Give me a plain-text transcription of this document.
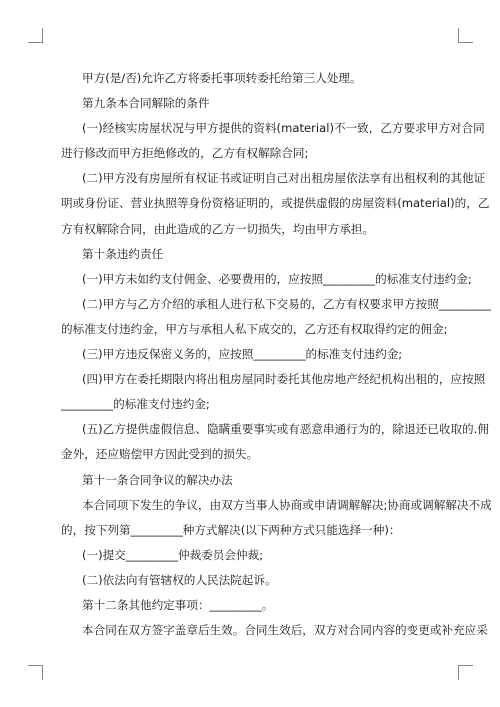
甲方(是/否)允许乙方将委托事项转委托给第三人处理。
第九条本合同解除的条件
(一)经核实房屋状况与甲方提供的资料(material)不一致，乙方要求甲方对合同
进行修改而甲方拒绝修改的，乙方有权解除合同;
(二)甲方没有房屋所有权证书或证明自己对出租房屋依法享有出租权利的其他证
明或身份证、营业执照等身份资格证明的，或提供虚假的房屋资料(material)的，乙
方有权解除合同，由此造成的乙方一切损失，均由甲方承担。
第十条违约责任
(一)甲方未如约支付佣金、必要费用的，应按照_________的标准支付违约金;
(二)甲方与乙方介绍的承租人进行私下交易的，乙方有权要求甲方按照_________
的标准支付违约金，甲方与承租人私下成交的，乙方还有权取得约定的佣金;
(三)甲方违反保密义务的，应按照_________的标准支付违约金;
(四)甲方在委托期限内将出租房屋同时委托其他房地产经纪机构出租的，应按照
_________的标准支付违约金;
(五)乙方提供虚假信息、隐瞒重要事实或有恶意串通行为的，除退还已收取的.佣
金外，还应赔偿甲方因此受到的损失。
第十一条合同争议的解决办法
本合同项下发生的争议，由双方当事人协商或申请调解解决;协商或调解解决不成
的，按下列第_________种方式解决(以下两种方式只能选择一种)：
(一)提交_________仲裁委员会仲裁;
(二)依法向有管辖权的人民法院起诉。
第十二条其他约定事项：_________。
本合同在双方签字盖章后生效。合同生效后，双方对合同内容的变更或补充应采
